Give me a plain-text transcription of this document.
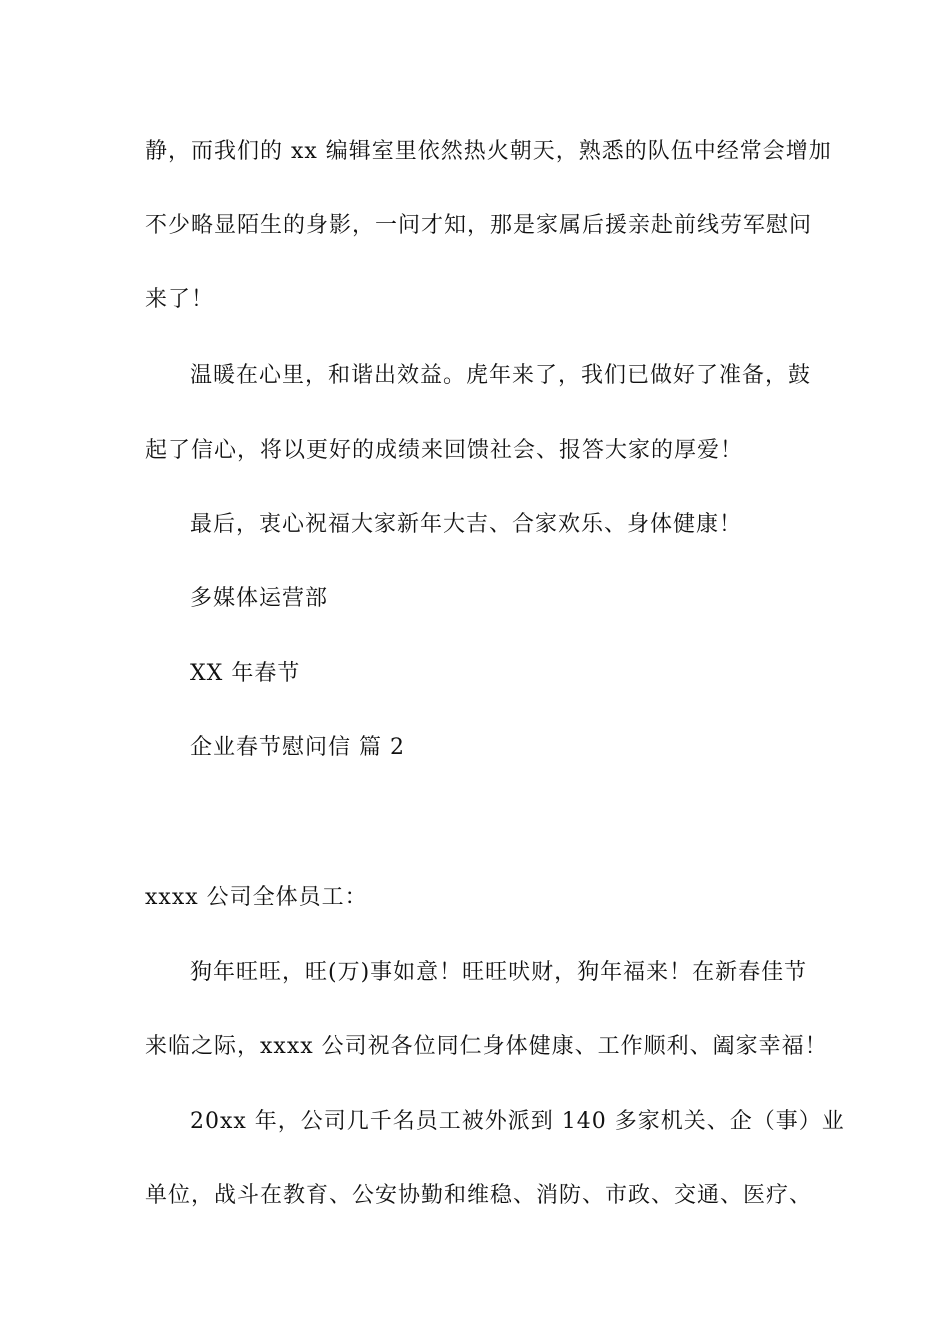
静，而我们的 xx 编辑室里依然热火朝天，熟悉的队伍中经常会增加
不少略显陌生的身影，一问才知，那是家属后援亲赴前线劳军慰问
来了！
温暖在心里，和谐出效益。虎年来了，我们已做好了准备，鼓
起了信心，将以更好的成绩来回馈社会、报答大家的厚爱！
最后，衷心祝福大家新年大吉、合家欢乐、身体健康！
多媒体运营部
XX 年春节
企业春节慰问信 篇 2
xxxx 公司全体员工：
狗年旺旺，旺(万)事如意！旺旺吠财，狗年福来！在新春佳节
来临之际，xxxx 公司祝各位同仁身体健康、工作顺利、阖家幸福！
20xx 年，公司几千名员工被外派到 140 多家机关、企（事）业
单位，战斗在教育、公安协勤和维稳、消防、市政、交通、医疗、
